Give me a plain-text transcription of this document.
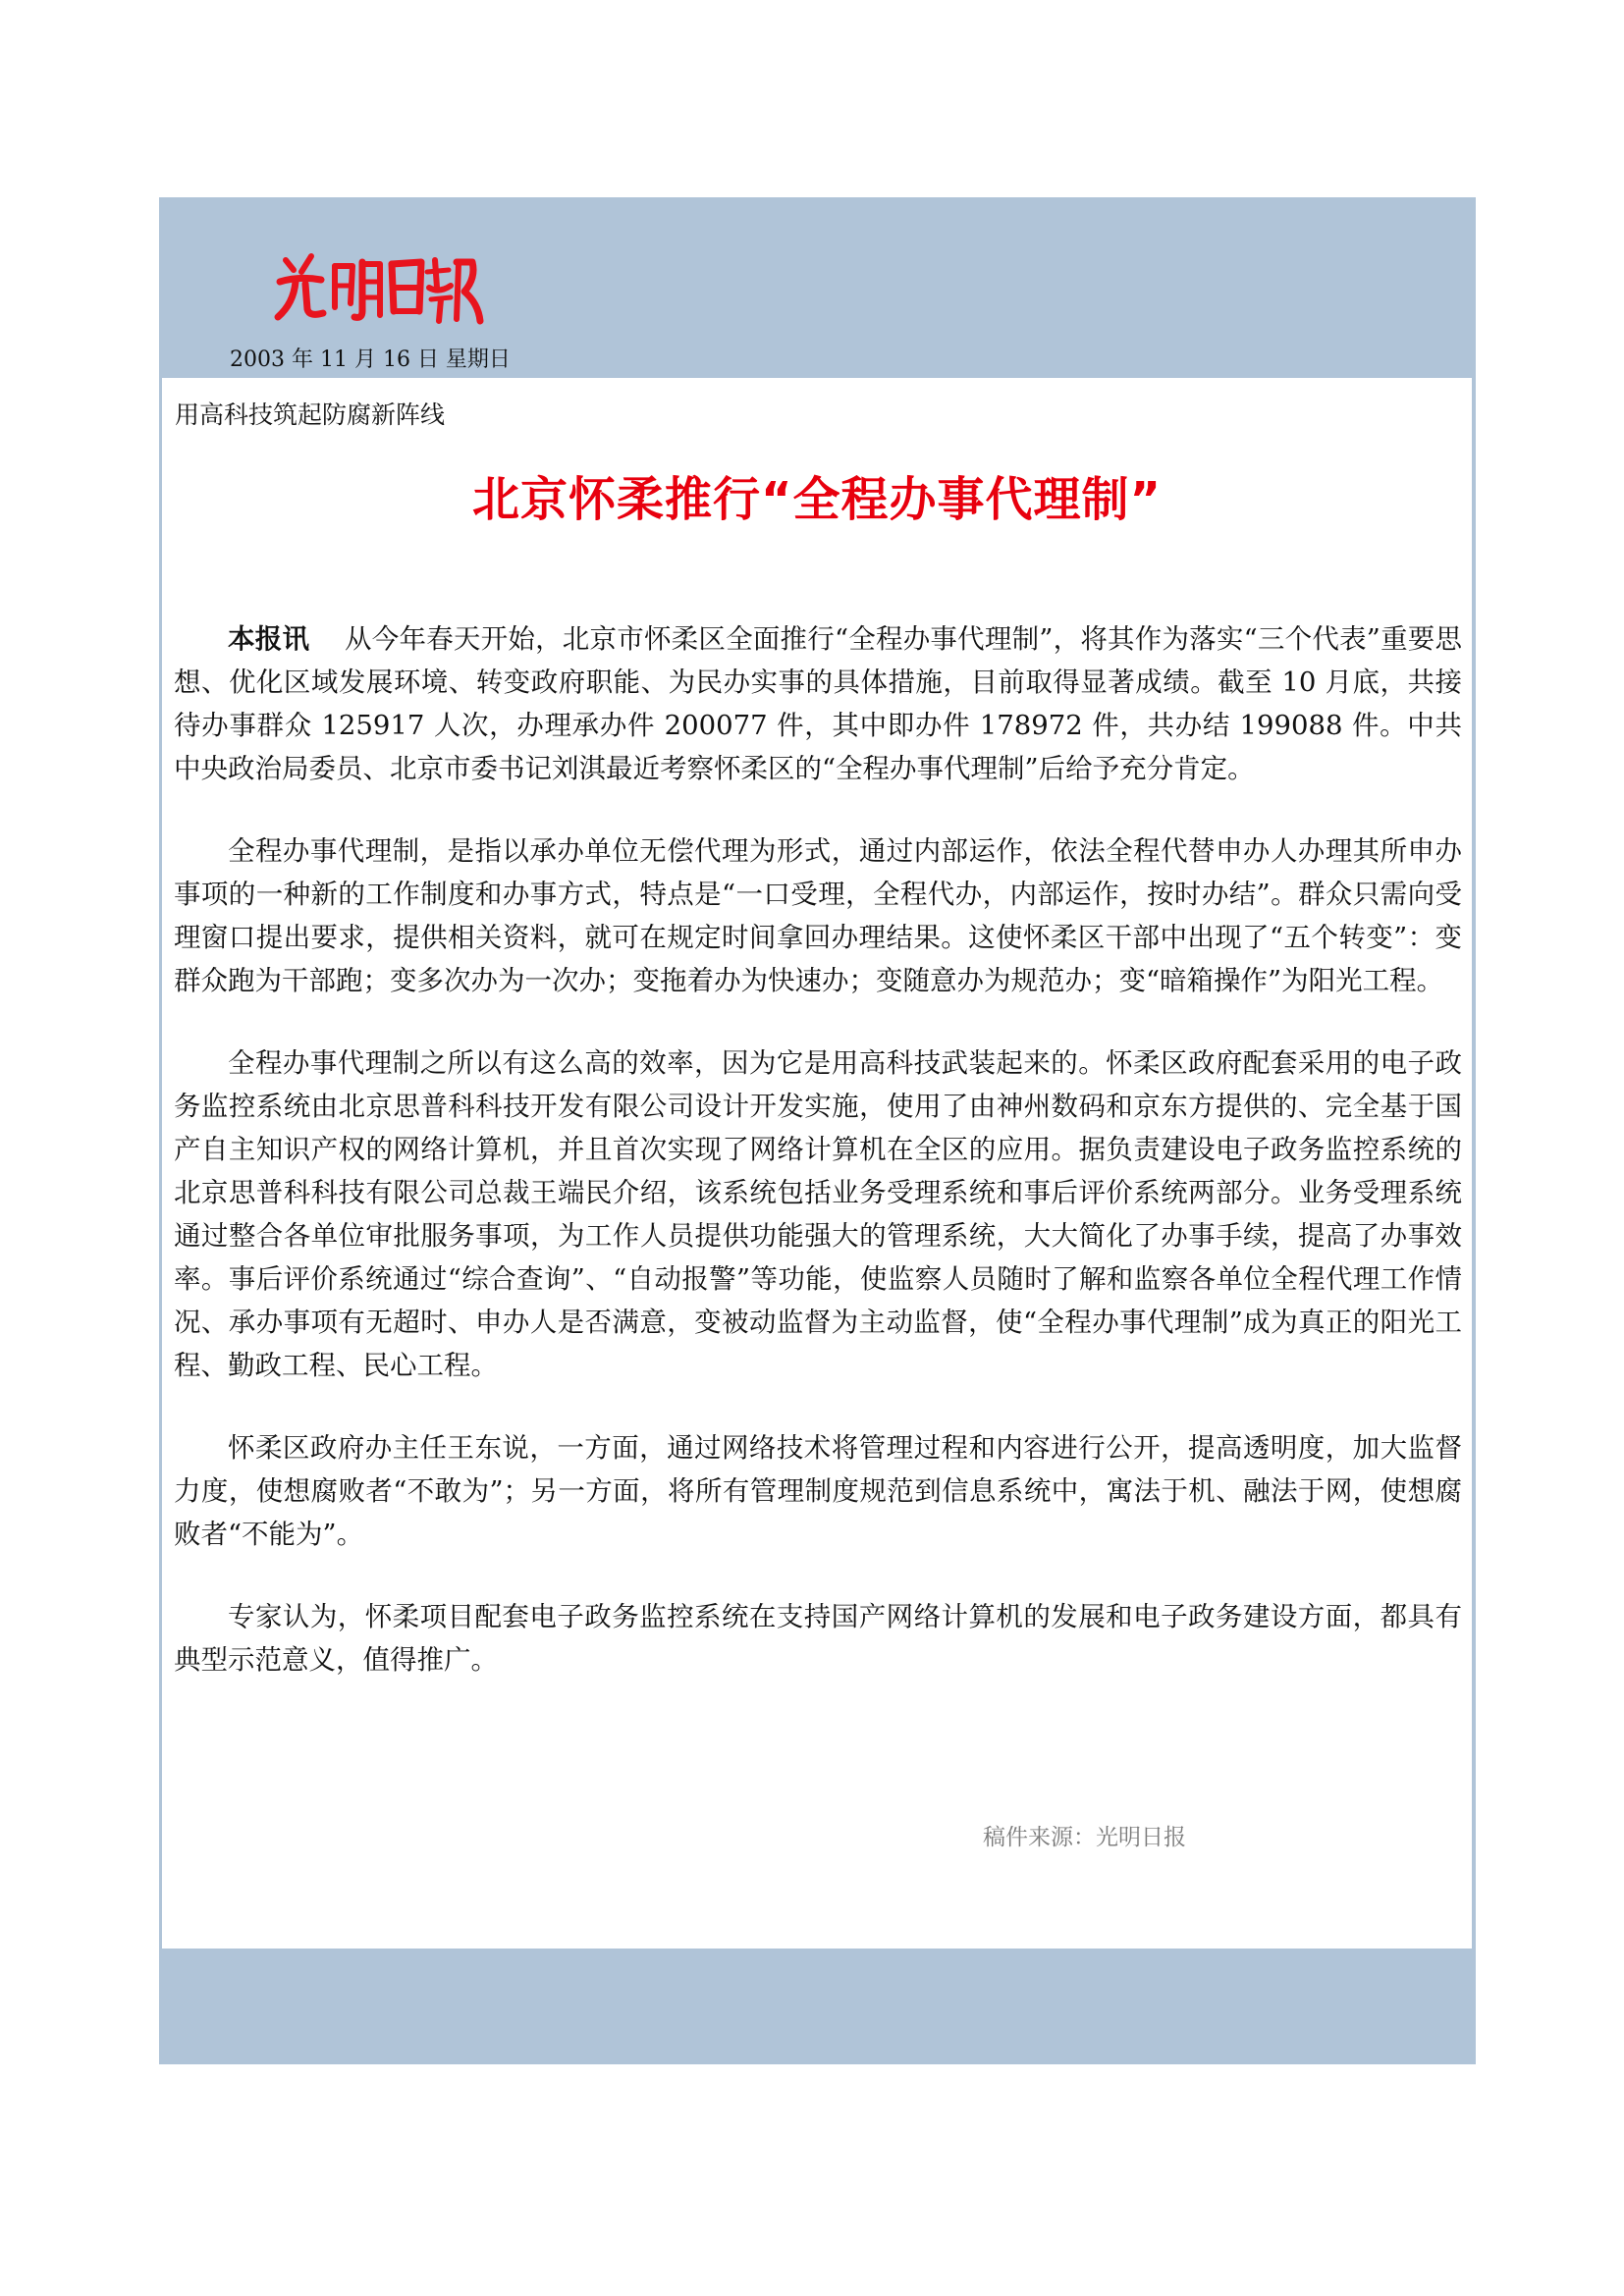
2003 年 11 月 16 日 星期日
用高科技筑起防腐新阵线
北京怀柔推行“全程办事代理制”

本报讯 从今年春天开始，北京市怀柔区全面推行“全程办事代理制”，将其作为落实“三个代表”重要思想、优化区域发展环境、转变政府职能、为民办实事的具体措施，目前取得显著成绩。截至 10 月底，共接待办事群众 125917 人次，办理承办件 200077 件，其中即办件 178972 件，共办结 199088 件。中共中央政治局委员、北京市委书记刘淇最近考察怀柔区的“全程办事代理制”后给予充分肯定。

全程办事代理制，是指以承办单位无偿代理为形式，通过内部运作，依法全程代替申办人办理其所申办事项的一种新的工作制度和办事方式，特点是“一口受理，全程代办，内部运作，按时办结”。群众只需向受理窗口提出要求，提供相关资料，就可在规定时间拿回办理结果。这使怀柔区干部中出现了“五个转变”：变群众跑为干部跑；变多次办为一次办；变拖着办为快速办；变随意办为规范办；变“暗箱操作”为阳光工程。

全程办事代理制之所以有这么高的效率，因为它是用高科技武装起来的。怀柔区政府配套采用的电子政务监控系统由北京思普科科技开发有限公司设计开发实施，使用了由神州数码和京东方提供的、完全基于国产自主知识产权的网络计算机，并且首次实现了网络计算机在全区的应用。据负责建设电子政务监控系统的北京思普科科技有限公司总裁王端民介绍，该系统包括业务受理系统和事后评价系统两部分。业务受理系统通过整合各单位审批服务事项，为工作人员提供功能强大的管理系统，大大简化了办事手续，提高了办事效率。事后评价系统通过“综合查询”、“自动报警”等功能，使监察人员随时了解和监察各单位全程代理工作情况、承办事项有无超时、申办人是否满意，变被动监督为主动监督，使“全程办事代理制”成为真正的阳光工程、勤政工程、民心工程。

怀柔区政府办主任王东说，一方面，通过网络技术将管理过程和内容进行公开，提高透明度，加大监督力度，使想腐败者“不敢为”；另一方面，将所有管理制度规范到信息系统中，寓法于机、融法于网，使想腐败者“不能为”。

专家认为，怀柔项目配套电子政务监控系统在支持国产网络计算机的发展和电子政务建设方面，都具有典型示范意义，值得推广。

稿件来源：光明日报
